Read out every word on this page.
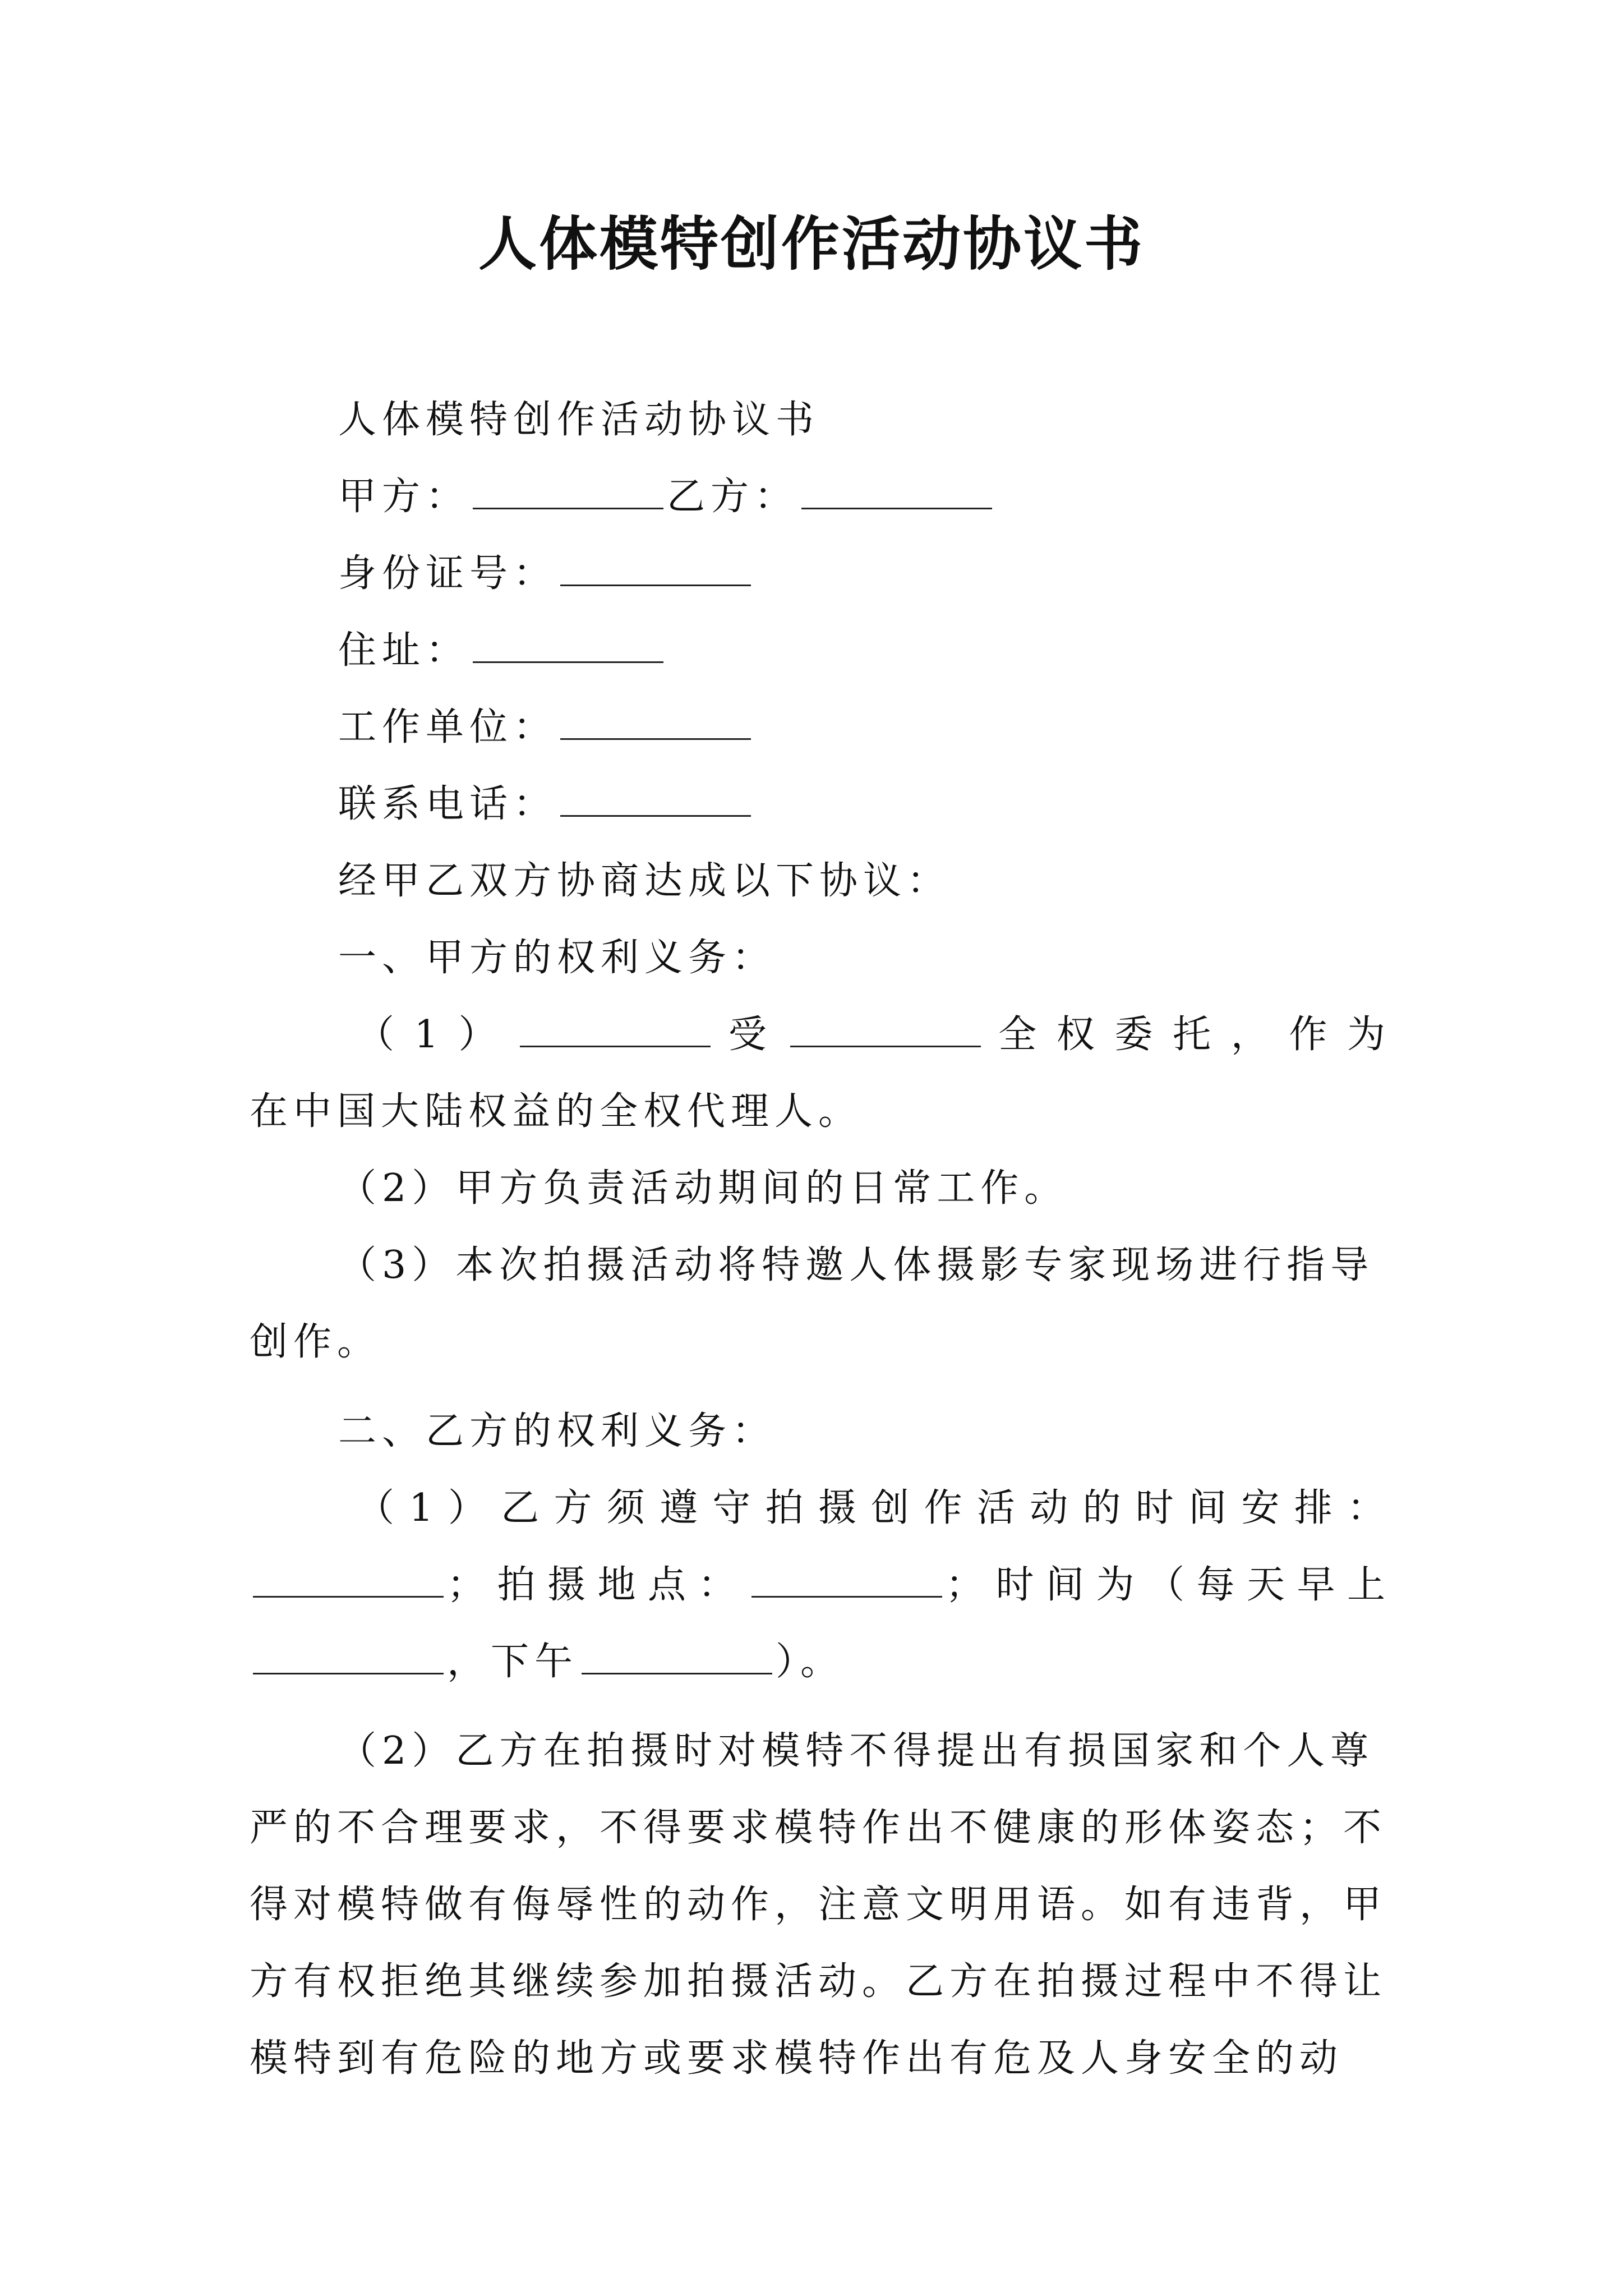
人体模特创作活动协议书
人体模特创作活动协议书
甲方：	乙方：
身份证号：
住址：
工作单位：
联系电话：
经甲乙双方协商达成以下协议：
一、甲方的权利义务：
（1）	受	全权委托，作为
在中国大陆权益的全权代理人。
（2）甲方负责活动期间的日常工作。
（3）本次拍摄活动将特邀人体摄影专家现场进行指导
创作。
二、乙方的权利义务：
（1）乙方须遵守拍摄创作活动的时间安排：
；拍摄地点：	；时间为（每天早上
，下午	）。
（2）乙方在拍摄时对模特不得提出有损国家和个人尊
严的不合理要求，不得要求模特作出不健康的形体姿态；不
得对模特做有侮辱性的动作，注意文明用语。如有违背，甲
方有权拒绝其继续参加拍摄活动。乙方在拍摄过程中不得让
模特到有危险的地方或要求模特作出有危及人身安全的动
